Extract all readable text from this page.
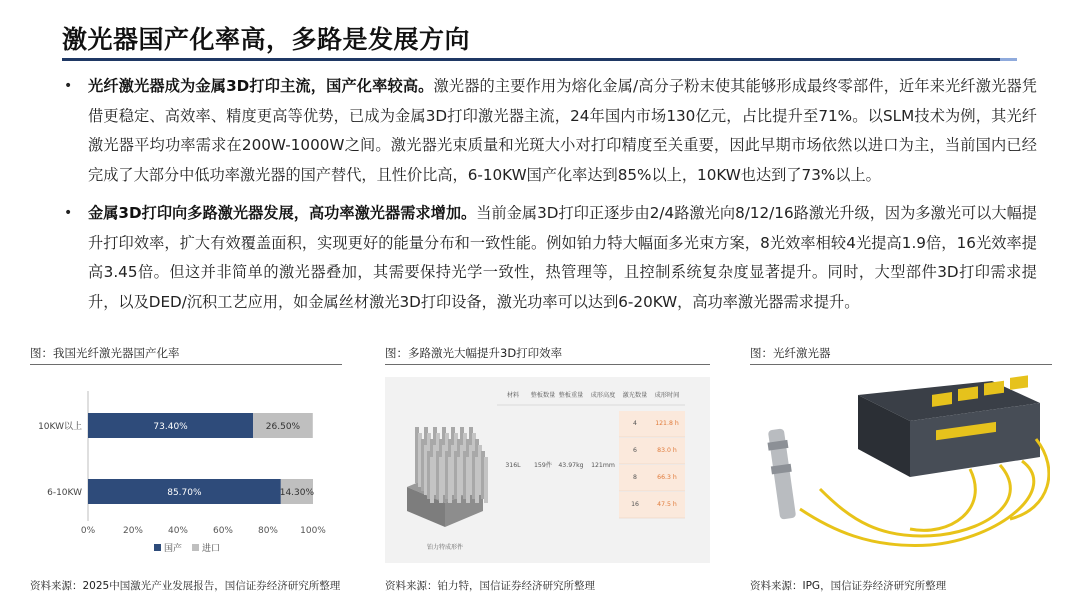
激光器国产化率高，多路是发展方向
• 光纤激光器成为金属3D打印主流，国产化率较高。激光器的主要作用为熔化金属/高分子粉末使其能够形成最终零部件，近年来光纤激光器凭借更稳定、高效率、精度更高等优势，已成为金属3D打印激光器主流，24年国内市场130亿元，占比提升至71%。以SLM技术为例，其光纤激光器平均功率需求在200W-1000W之间。激光器光束质量和光斑大小对打印精度至关重要，因此早期市场依然以进口为主，当前国内已经完成了大部分中低功率激光器的国产替代，且性价比高，6-10KW国产化率达到85%以上，10KW也达到了73%以上。
• 金属3D打印向多路激光器发展，高功率激光器需求增加。当前金属3D打印正逐步由2/4路激光向8/12/16路激光升级，因为多激光可以大幅提升打印效率，扩大有效覆盖面积，实现更好的能量分布和一致性能。例如铂力特大幅面多光束方案，8光效率相较4光提高1.9倍，16光效率提高3.45倍。但这并非简单的激光器叠加，其需要保持光学一致性，热管理等，且控制系统复杂度显著提升。同时，大型部件3D打印需求提升，以及DED/沉积工艺应用，如金属丝材激光3D打印设备，激光功率可以达到6-20KW，高功率激光器需求提升。
图：我国光纤激光器国产化率
73.40%	26.50%
10KW以上
85.70%	14.30%
6-10KW
0%	20%	40%	60%	80% 100%
国产 进口
资料来源：2025中国激光产业发展报告，国信证券经济研究所整理
图：多路激光大幅提升3D打印效率
铂力特成形件
材料 整板数量 整板重量 成形高度 激光数量 成形时间
316L 159件 43.97kg 121mm
4	121.8 h
6	83.0 h
8	66.3 h
16	47.5 h
资料来源：铂力特，国信证券经济研究所整理
图：光纤激光器
资料来源：IPG，国信证券经济研究所整理
